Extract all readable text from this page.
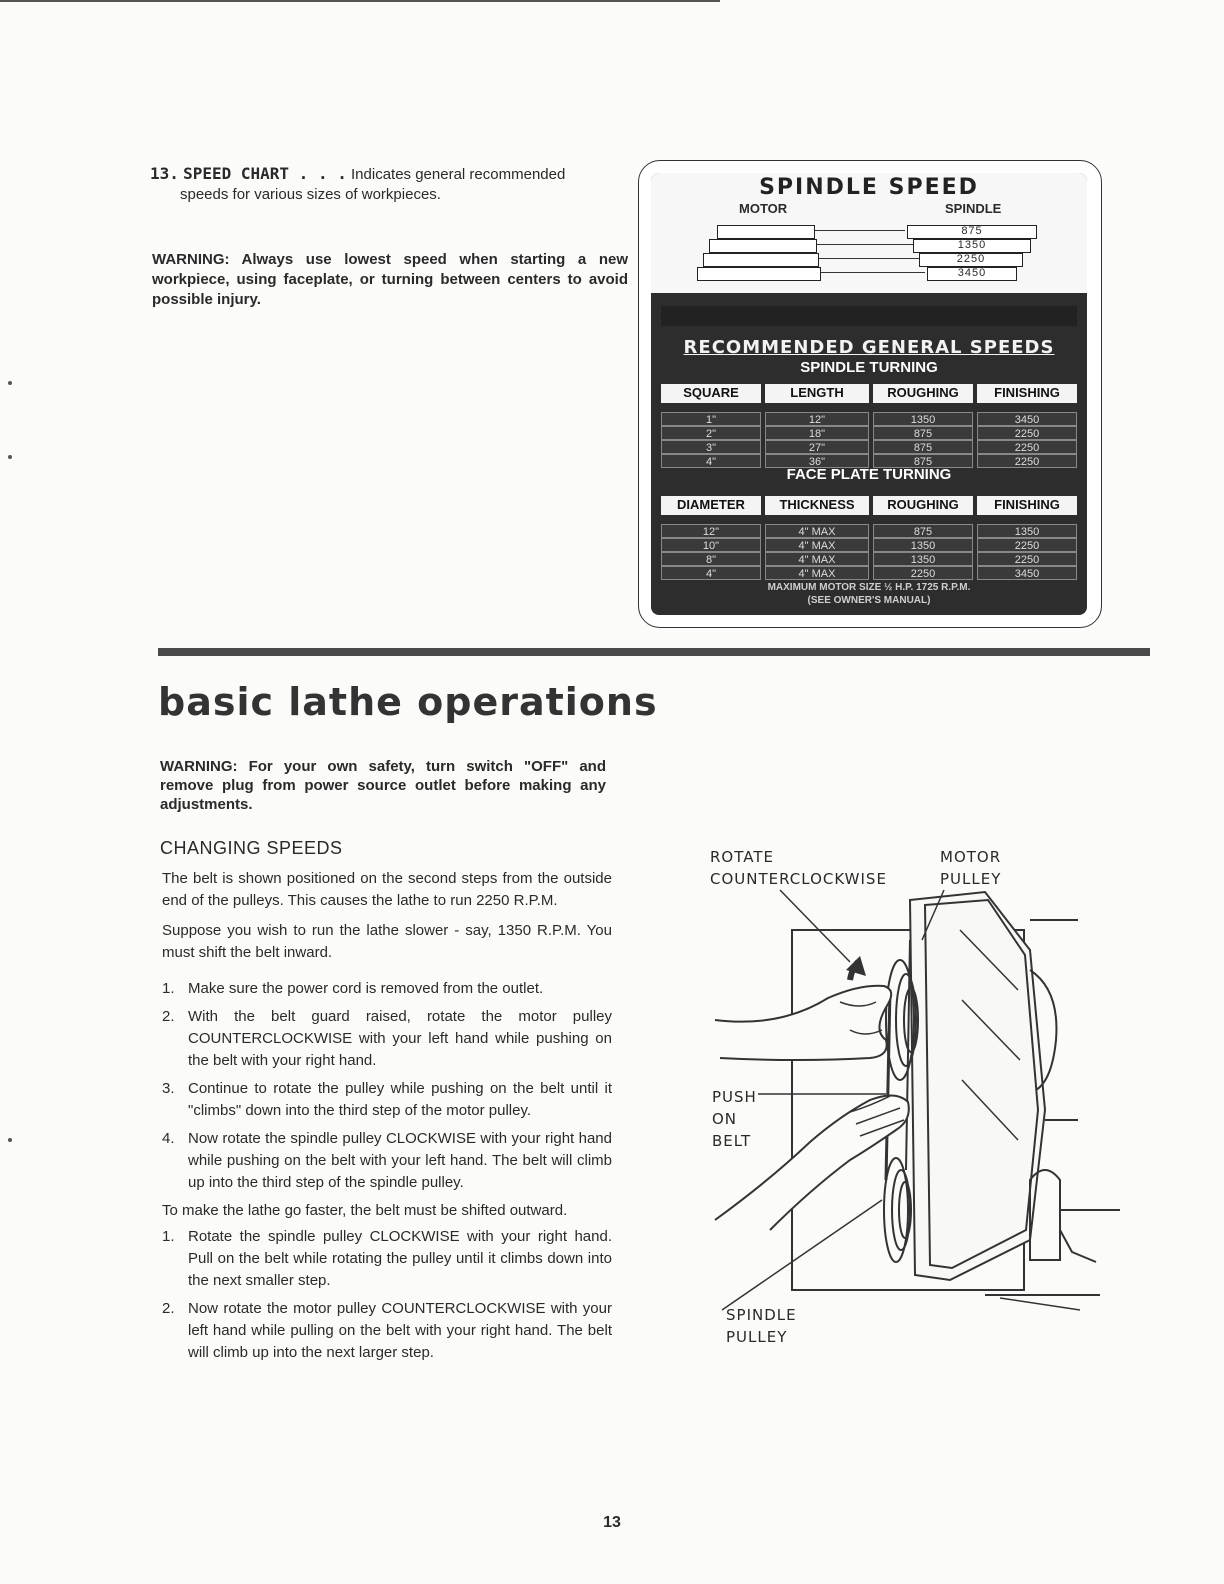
13. SPEED CHART . . . Indicates general recommended
speeds for various sizes of workpieces.
WARNING: Always use lowest speed when starting a new workpiece, using faceplate, or turning between centers to avoid possible injury.
SPINDLE SPEED
MOTOR	SPINDLE
875
1350
2250
3450
RECOMMENDED GENERAL SPEEDS
SPINDLE TURNING
SQUARE	LENGTH	ROUGHING	FINISHING
1"	12"	1350	3450
2"	18"	875	2250
3"	27"	875	2250
4"	36"	875	2250
FACE PLATE TURNING
DIAMETER	THICKNESS	ROUGHING	FINISHING
12"	4" MAX	875	1350
10"	4" MAX	1350	2250
8"	4" MAX	1350	2250
4"	4" MAX	2250	3450
MAXIMUM MOTOR SIZE ½ H.P. 1725 R.P.M.
(SEE OWNER'S MANUAL)
basic lathe operations
WARNING: For your own safety, turn switch "OFF" and remove plug from power source outlet before making any adjustments.
CHANGING SPEEDS

The belt is shown positioned on the second steps from the outside end of the pulleys. This causes the lathe to run 2250 R.P.M.

Suppose you wish to run the lathe slower - say, 1350 R.P.M. You must shift the belt inward.

1. Make sure the power cord is removed from the outlet.
2. With the belt guard raised, rotate the motor pulley COUNTERCLOCKWISE with your left hand while pushing on the belt with your right hand.
3. Continue to rotate the pulley while pushing on the belt until it "climbs" down into the third step of the motor pulley.
4. Now rotate the spindle pulley CLOCKWISE with your right hand while pushing on the belt with your left hand. The belt will climb up into the third step of the spindle pulley.

To make the lathe go faster, the belt must be shifted outward.

1. Rotate the spindle pulley CLOCKWISE with your right hand. Pull on the belt while rotating the pulley until it climbs down into the next smaller step.
2. Now rotate the motor pulley COUNTERCLOCKWISE with your left hand while pulling on the belt with your right hand. The belt will climb up into the next larger step.
ROTATE
COUNTERCLOCKWISE
MOTOR
PULLEY
PUSH
ON
BELT
SPINDLE
PULLEY
13
